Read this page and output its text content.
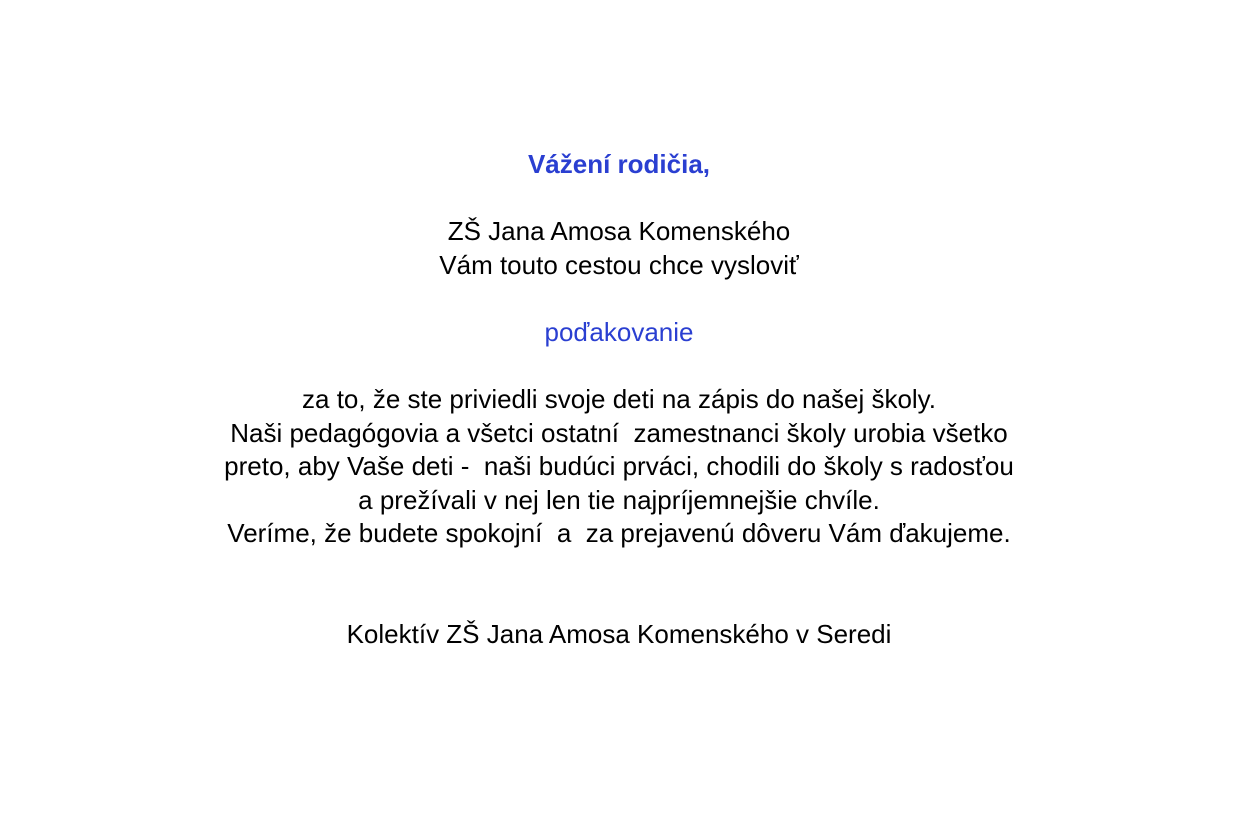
Vážení rodičia,
ZŠ Jana Amosa Komenského
Vám touto cestou chce vysloviť
poďakovanie
za to, že ste priviedli svoje deti na zápis do našej školy.
Naši pedagógovia a všetci ostatní  zamestnanci školy urobia všetko
preto, aby Vaše deti -  naši budúci prváci, chodili do školy s radosťou
a prežívali v nej len tie najpríjemnejšie chvíle.
Veríme, že budete spokojní  a  za prejavenú dôveru Vám ďakujeme.
Kolektív ZŠ Jana Amosa Komenského v Seredi
